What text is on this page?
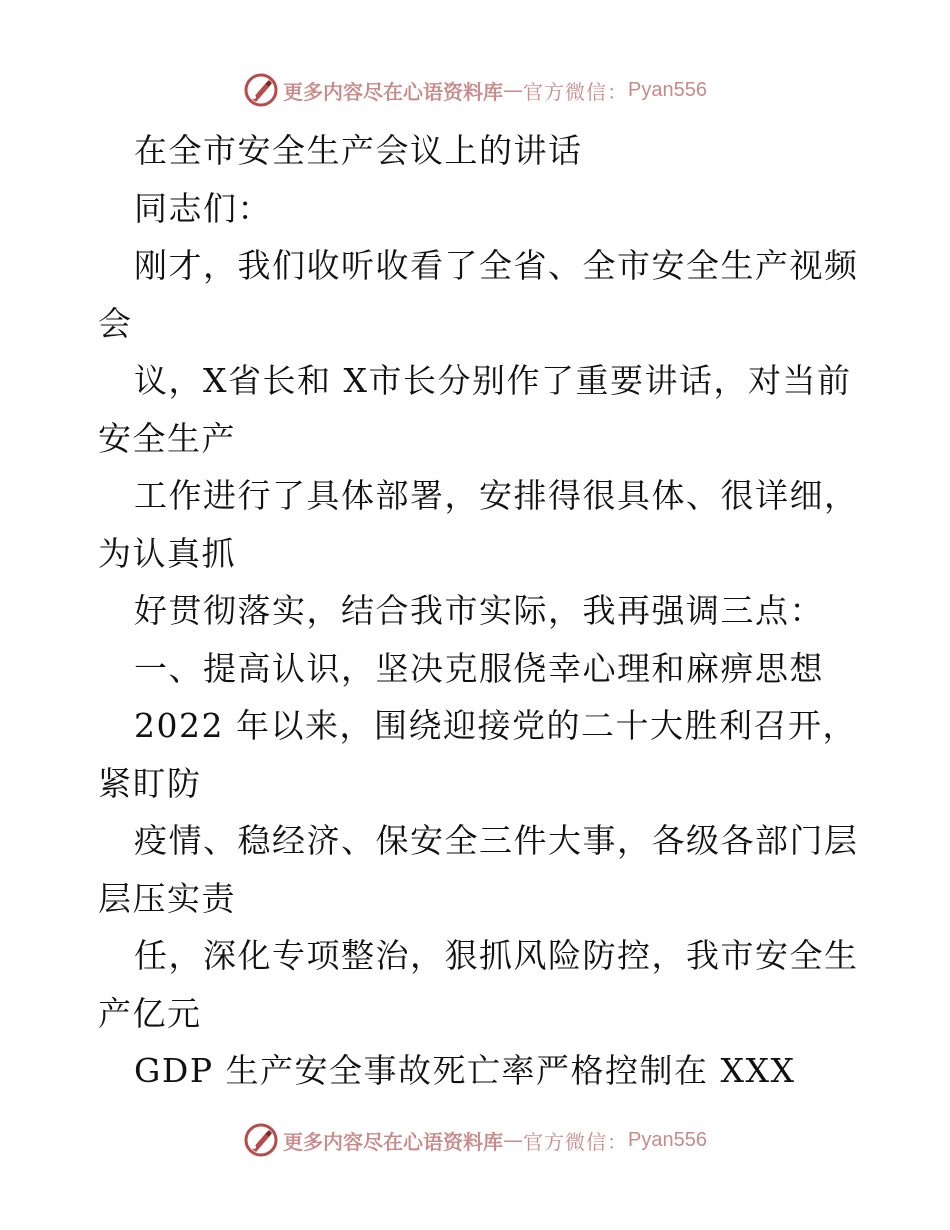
更多内容尽在心语资料库 — 官方微信： Pyan556
在全市安全生产会议上的讲话
同志们：
刚才，我们收听收看了全省、全市安全生产视频
会
议，X省长和 X市长分别作了重要讲话，对当前
安全生产
工作进行了具体部署，安排得很具体、很详细，
为认真抓
好贯彻落实，结合我市实际，我再强调三点：
一、提高认识，坚决克服侥幸心理和麻痹思想
2022 年以来，围绕迎接党的二十大胜利召开，
紧盯防
疫情、稳经济、保安全三件大事，各级各部门层
层压实责
任，深化专项整治，狠抓风险防控，我市安全生
产亿元
GDP 生产安全事故死亡率严格控制在 XXX
更多内容尽在心语资料库 — 官方微信： Pyan556
